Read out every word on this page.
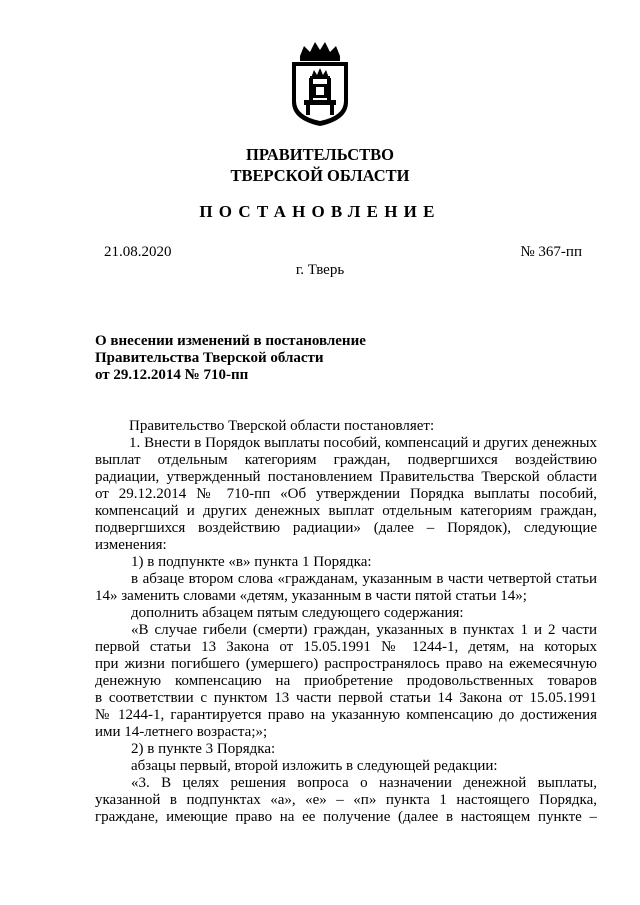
ПРАВИТЕЛЬСТВО
ТВЕРСКОЙ ОБЛАСТИ
ПОСТАНОВЛЕНИЕ
21.08.2020	№ 367-пп
г. Тверь
О внесении изменений в постановление
Правительства Тверской области
от 29.12.2014 № 710-пп
Правительство Тверской области постановляет:
1. Внести в Порядок выплаты пособий, компенсаций и других денежных
выплат отдельным категориям граждан, подвергшихся воздействию
радиации, утвержденный постановлением Правительства Тверской области
от 29.12.2014 № 710-пп «Об утверждении Порядка выплаты пособий,
компенсаций и других денежных выплат отдельным категориям граждан,
подвергшихся воздействию радиации» (далее – Порядок), следующие
изменения:
1) в подпункте «в» пункта 1 Порядка:
в абзаце втором слова «гражданам, указанным в части четвертой статьи
14» заменить словами «детям, указанным в части пятой статьи 14»;
дополнить абзацем пятым следующего содержания:
«В случае гибели (смерти) граждан, указанных в пунктах 1 и 2 части
первой статьи 13 Закона от 15.05.1991 № 1244-1, детям, на которых
при жизни погибшего (умершего) распространялось право на ежемесячную
денежную компенсацию на приобретение продовольственных товаров
в соответствии с пунктом 13 части первой статьи 14 Закона от 15.05.1991
№ 1244-1, гарантируется право на указанную компенсацию до достижения
ими 14-летнего возраста;»;
2) в пункте 3 Порядка:
абзацы первый, второй изложить в следующей редакции:
«3. В целях решения вопроса о назначении денежной выплаты,
указанной в подпунктах «а», «е» – «п» пункта 1 настоящего Порядка,
граждане, имеющие право на ее получение (далее в настоящем пункте –
